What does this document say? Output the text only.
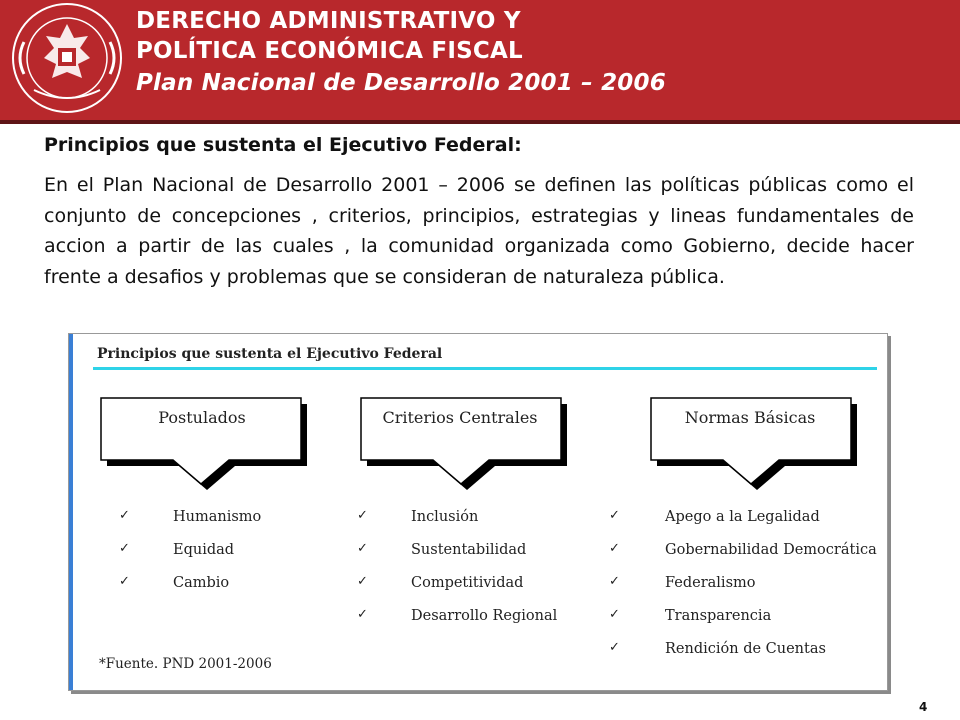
DERECHO ADMINISTRATIVO Y
POLÍTICA ECONÓMICA FISCAL
Plan Nacional de Desarrollo 2001 – 2006
Principios que sustenta el Ejecutivo Federal:
En el Plan Nacional de Desarrollo 2001 – 2006 se definen las políticas públicas como el conjunto de concepciones , criterios, principios, estrategias y lineas fundamentales de accion a partir de las cuales , la comunidad organizada como Gobierno, decide hacer frente a desafios y problemas que se consideran de naturaleza pública.
Principios que sustenta el Ejecutivo Federal
Postulados	Criterios Centrales	Normas Básicas
✓	Humanismo
✓	Equidad
✓	Cambio
✓	Inclusión
✓	Sustentabilidad
✓	Competitividad
✓	Desarrollo Regional
✓	Apego a la Legalidad
✓	Gobernabilidad Democrática
✓	Federalismo
✓	Transparencia
✓	Rendición de Cuentas
*Fuente. PND 2001-2006
4
